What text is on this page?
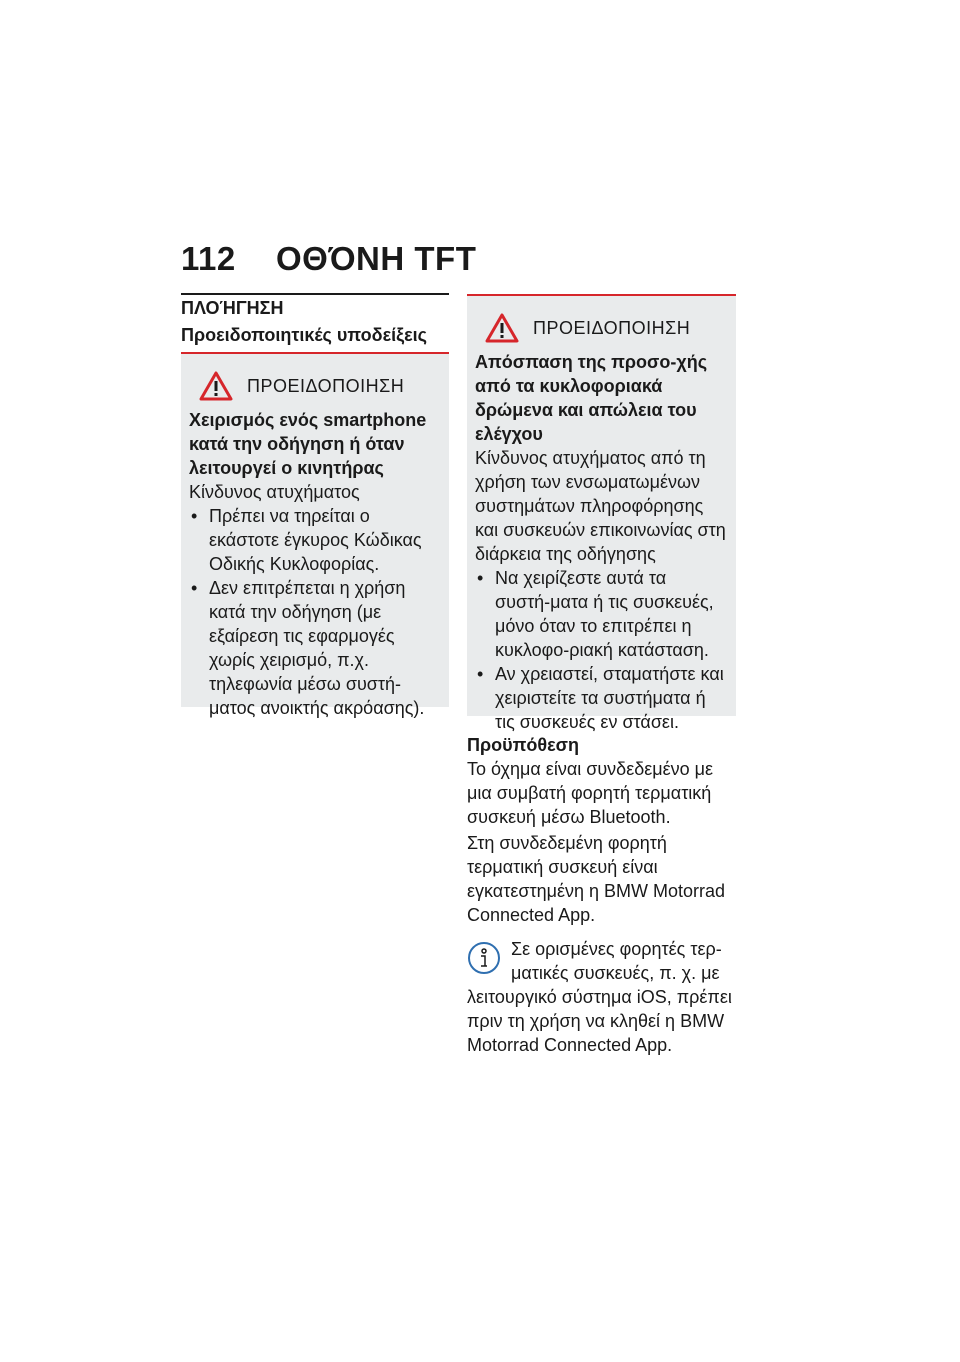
112 ΟΘΌΝΗ TFT
ΠΛΟΉΓΗΣΗ
Προειδοποιητικές υποδείξεις
ΠΡΟΕΙΔΟΠΟΙΗΣΗ
Χειρισμός ενός smartphone κατά την οδήγηση ή όταν λειτουργεί ο κινητήρας
Κίνδυνος ατυχήματος
• Πρέπει να τηρείται ο εκάστοτε έγκυρος Κώδικας Οδικής Κυκλοφορίας.
• Δεν επιτρέπεται η χρήση κατά την οδήγηση (με εξαίρεση τις εφαρμογές χωρίς χειρισμό, π.χ. τηλεφωνία μέσω συστή-ματος ανοικτής ακρόασης).
ΠΡΟΕΙΔΟΠΟΙΗΣΗ
Απόσπαση της προσο-χής από τα κυκλοφοριακά δρώμενα και απώλεια του ελέγχου
Κίνδυνος ατυχήματος από τη χρήση των ενσωματωμένων συστημάτων πληροφόρησης και συσκευών επικοινωνίας στη διάρκεια της οδήγησης
• Να χειρίζεστε αυτά τα συστή-ματα ή τις συσκευές, μόνο όταν το επιτρέπει η κυκλοφο-ριακή κατάσταση.
• Αν χρειαστεί, σταματήστε και χειριστείτε τα συστήματα ή τις συσκευές εν στάσει.
Προϋπόθεση
Το όχημα είναι συνδεδεμένο με μια συμβατή φορητή τερματική συσκευή μέσω Bluetooth.
Στη συνδεδεμένη φορητή τερματική συσκευή είναι εγκατεστημένη η BMW Motorrad Connected App.
Σε ορισμένες φορητές τερ-ματικές συσκευές, π. χ. με λειτουργικό σύστημα iOS, πρέπει πριν τη χρήση να κληθεί η BMW Motorrad Connected App.
